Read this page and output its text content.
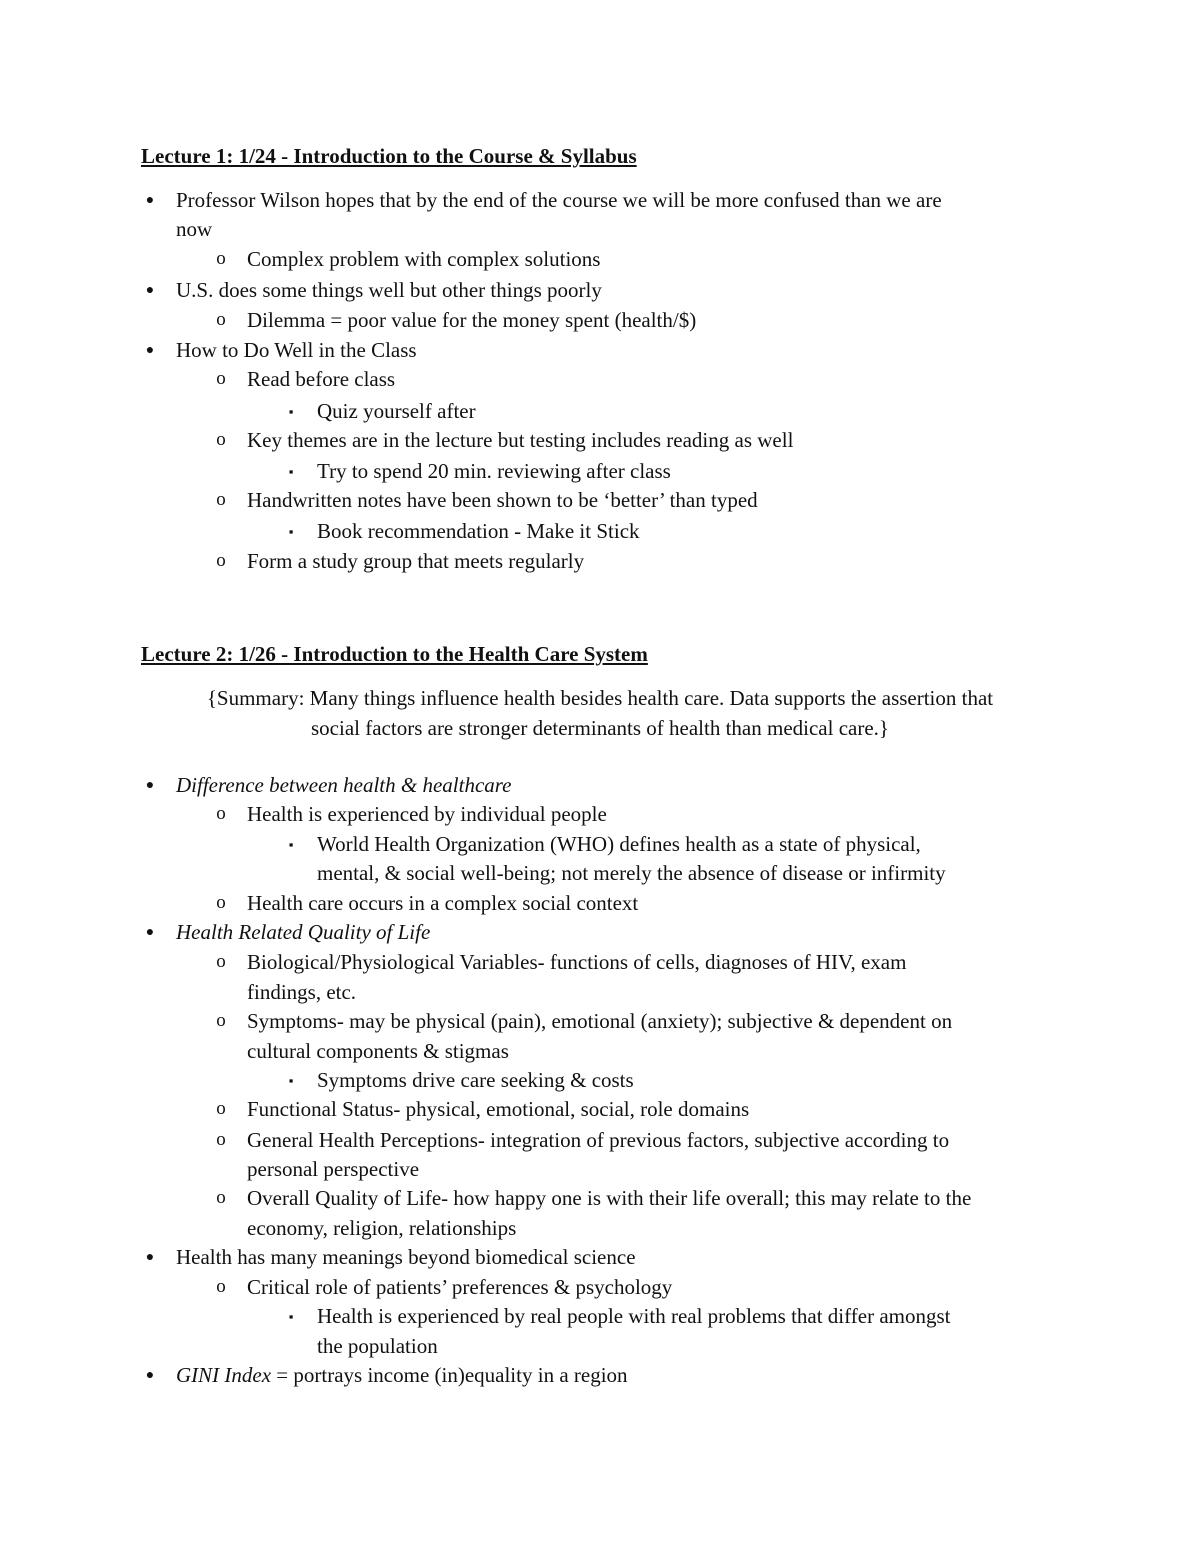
Lecture 1: 1/24 - Introduction to the Course & Syllabus
● Professor Wilson hopes that by the end of the course we will be more confused than we are
now
o Complex problem with complex solutions
● U.S. does some things well but other things poorly
o Dilemma = poor value for the money spent (health/$)
● How to Do Well in the Class
o Read before class
▪	Quiz yourself after
o Key themes are in the lecture but testing includes reading as well
▪	Try to spend 20 min. reviewing after class
o Handwritten notes have been shown to be ‘better’ than typed
▪	Book recommendation - Make it Stick
o Form a study group that meets regularly
Lecture 2: 1/26 - Introduction to the Health Care System

{Summary: Many things influence health besides health care. Data supports the assertion that
social factors are stronger determinants of health than medical care.}

● Difference between health & healthcare
o Health is experienced by individual people
▪	World Health Organization (WHO) defines health as a state of physical,
mental, & social well-being; not merely the absence of disease or infirmity
o Health care occurs in a complex social context
● Health Related Quality of Life
o Biological/Physiological Variables- functions of cells, diagnoses of HIV, exam
findings, etc.
o Symptoms- may be physical (pain), emotional (anxiety); subjective & dependent on
cultural components & stigmas
▪	Symptoms drive care seeking & costs
o Functional Status- physical, emotional, social, role domains
o General Health Perceptions- integration of previous factors, subjective according to
personal perspective
o Overall Quality of Life- how happy one is with their life overall; this may relate to the
economy, religion, relationships
● Health has many meanings beyond biomedical science
o Critical role of patients’ preferences & psychology
▪	Health is experienced by real people with real problems that differ amongst
the population
● GINI Index = portrays income (in)equality in a region
